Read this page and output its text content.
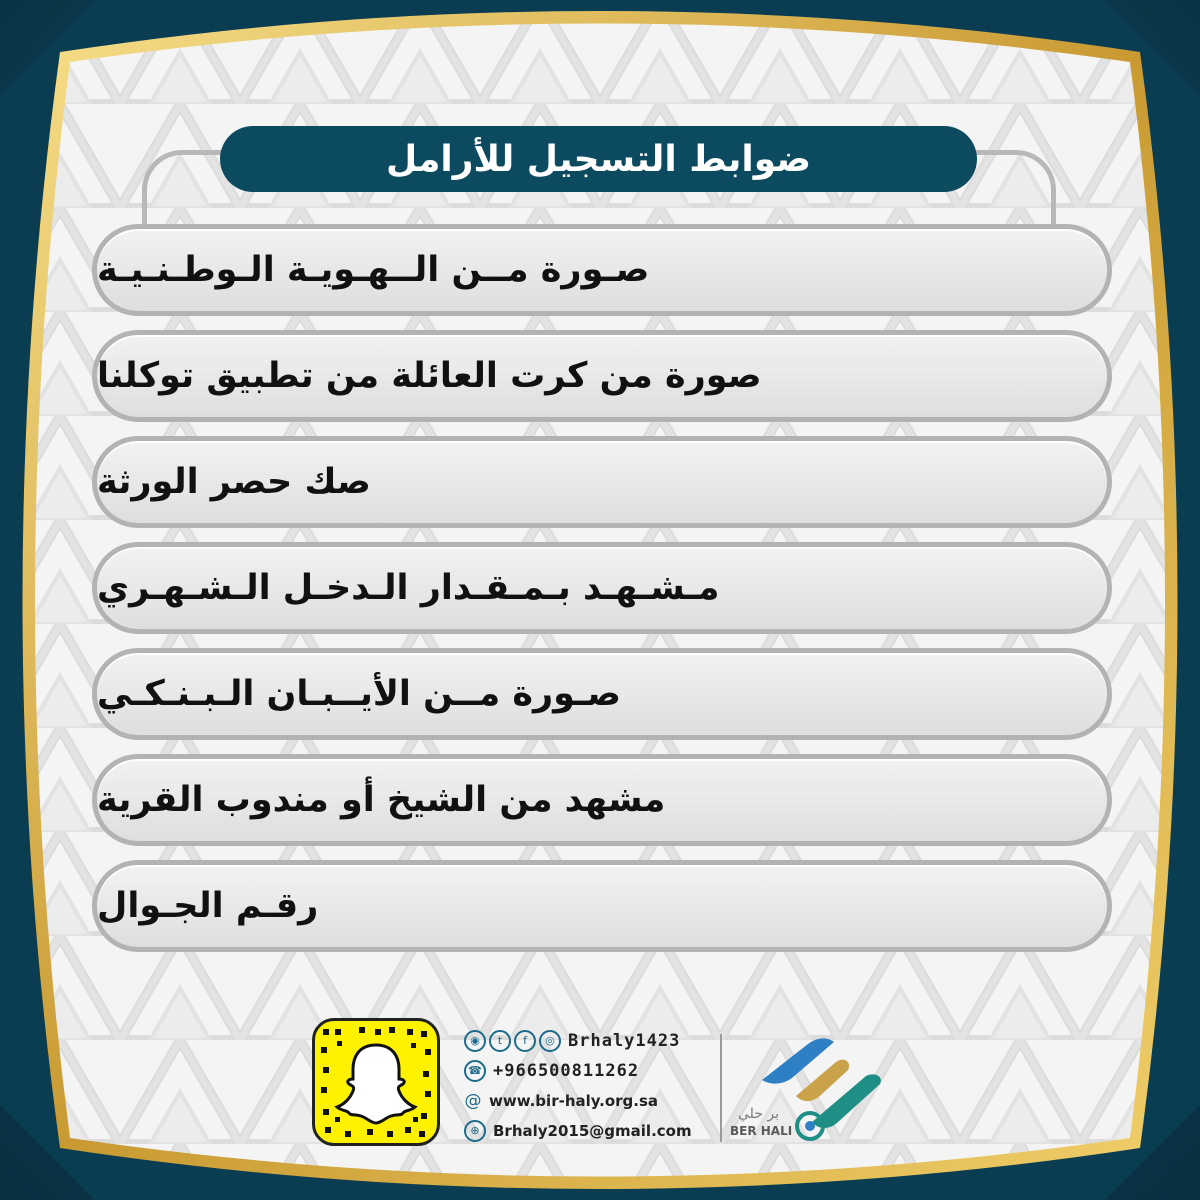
ضوابط التسجيل للأرامل
صـورة مــن الــهـويـة الـوطـنـيـة
صورة من كرت العائلة من تطبيق توكلنا
صك حصر الورثة
مـشـهـد بـمـقـدار الـدخـل الـشـهـري
صـورة مــن الأيــبـان الـبـنـكـي
مشهد من الشيخ أو مندوب القرية
رقـم الجـوال
◉	t	f	◎ Brhaly1423
☎ +966500811262
@ www.bir-haly.org.sa
⊕ Brhaly2015@gmail.com
بر حلي
BER HALI
